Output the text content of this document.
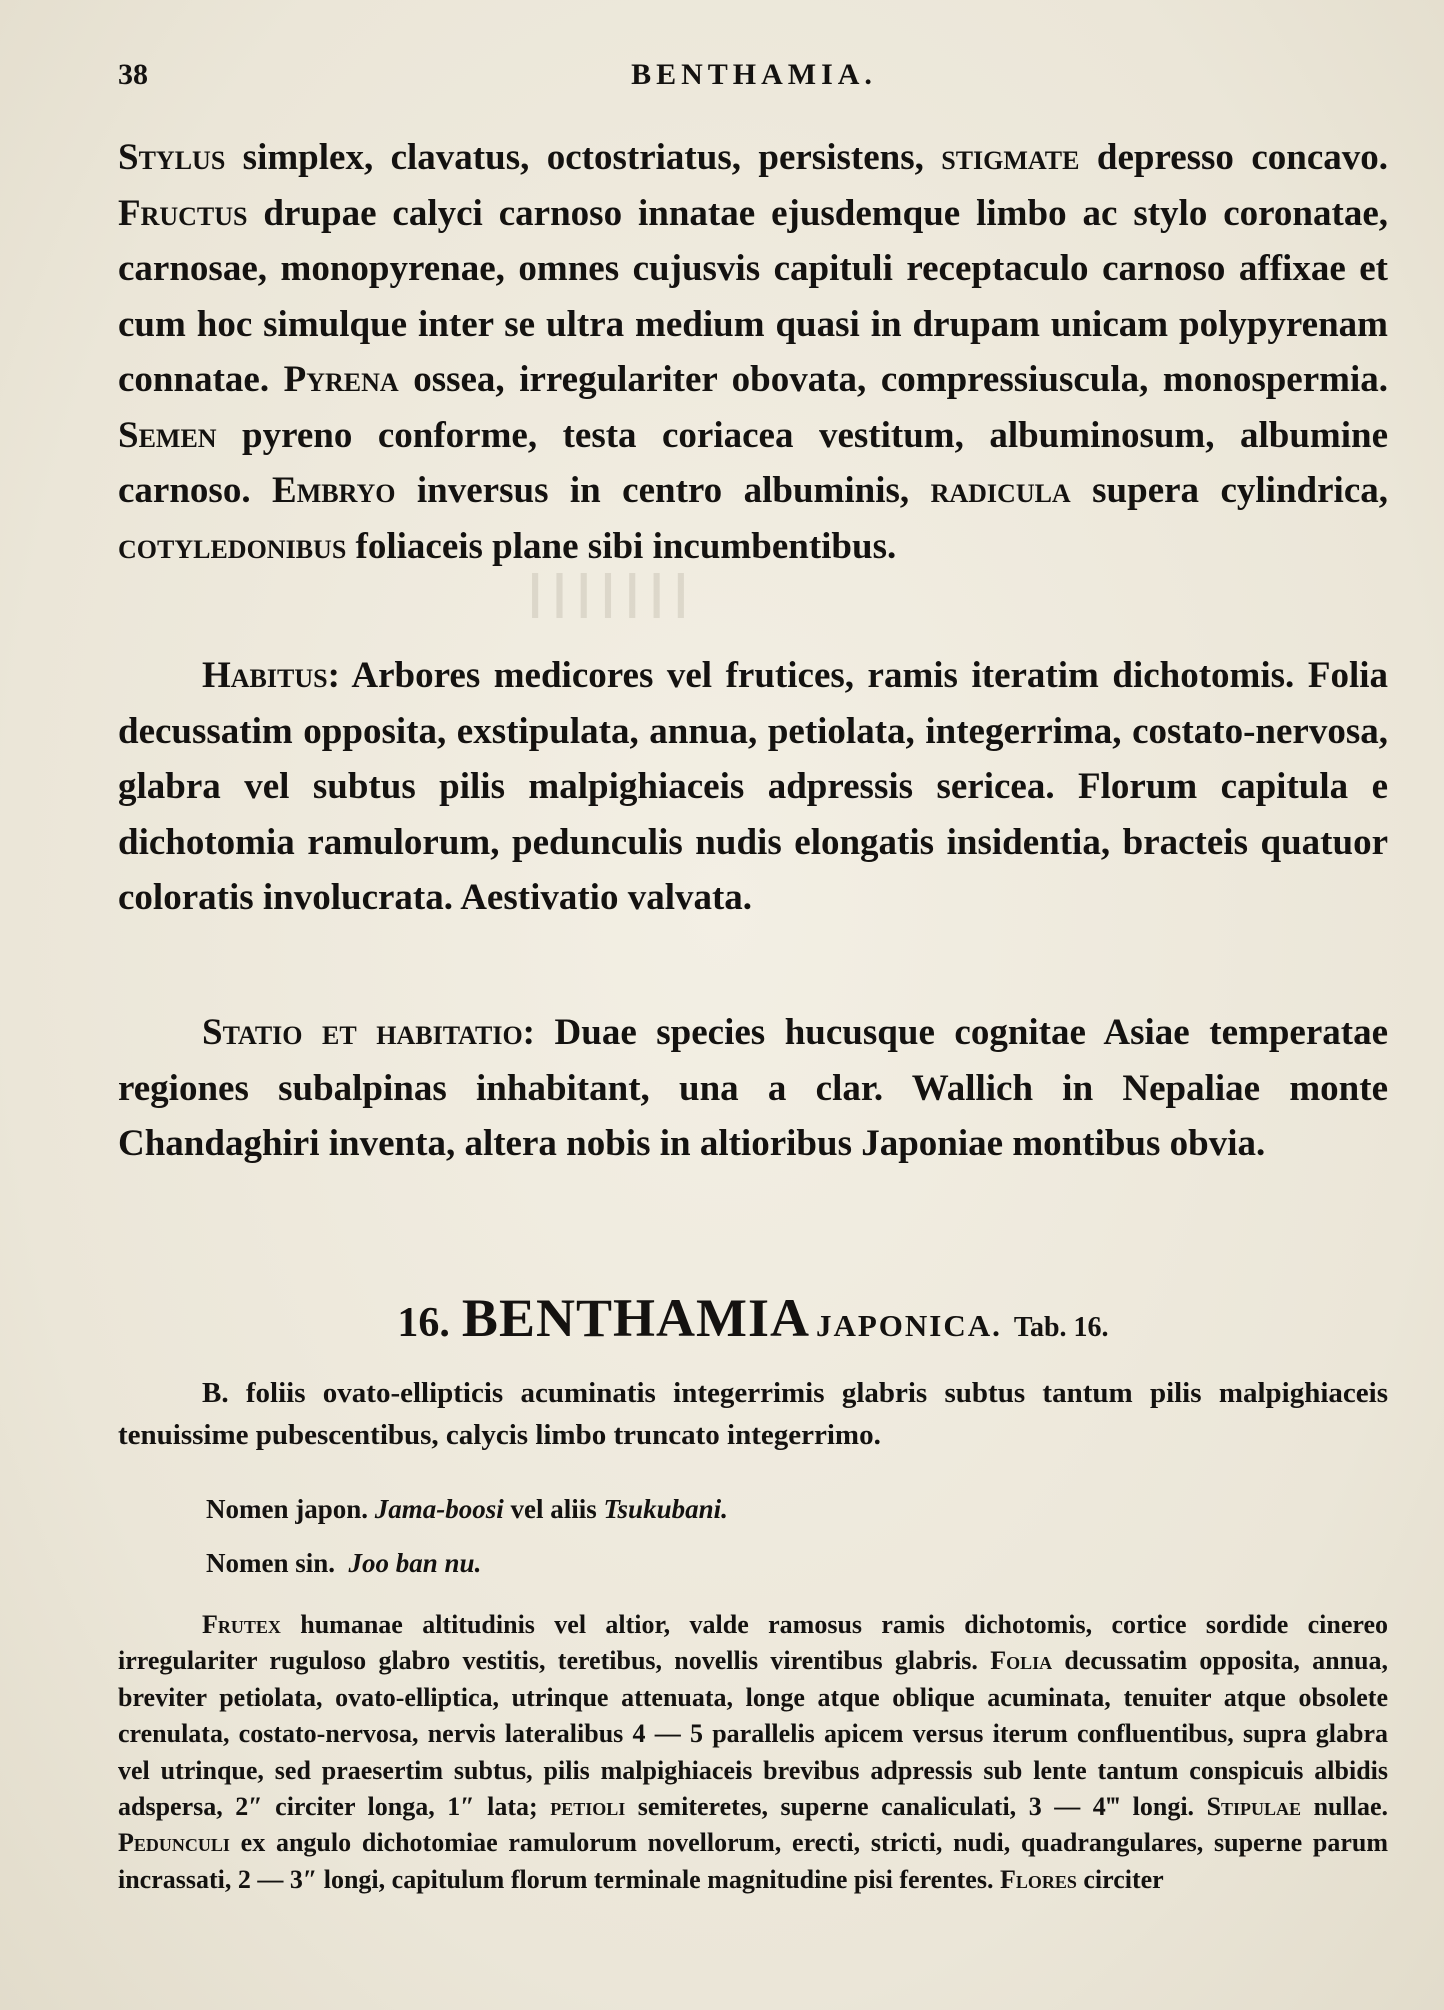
ⅠⅠⅠⅠⅠⅠⅠ
38	BENTHAMIA.

Stylus simplex, clavatus, octostriatus, persistens, stigmate depresso concavo. Fructus drupae calyci carnoso innatae ejusdemque limbo ac stylo coronatae, carnosae, monopyrenae, omnes cujusvis capituli receptaculo carnoso affixae et cum hoc simulque inter se ultra medium quasi in drupam unicam polypyrenam connatae. Pyrena ossea, irregulariter obovata, compressiuscula, monospermia. Semen pyreno conforme, testa coriacea vestitum, albuminosum, albumine carnoso. Embryo inversus in centro albuminis, radicula supera cylindrica, cotyledonibus foliaceis plane sibi incumbentibus.

Habitus: Arbores medicores vel frutices, ramis iteratim dichotomis. Folia decussatim opposita, exstipulata, annua, petiolata, integerrima, costato-nervosa, glabra vel subtus pilis malpighiaceis adpressis sericea. Florum capitula e dichotomia ramulorum, pedunculis nudis elongatis insidentia, bracteis quatuor coloratis involucrata. Aestivatio valvata.

Statio et habitatio: Duae species hucusque cognitae Asiae temperatae regiones subalpinas inhabitant, una a clar. Wallich in Nepaliae monte Chandaghiri inventa, altera nobis in altioribus Japoniae montibus obvia.

16. BENTHAMIA JAPONICA. Tab. 16.

B. foliis ovato-ellipticis acuminatis integerrimis glabris subtus tantum pilis malpighiaceis tenuissime pubescentibus, calycis limbo truncato integerrimo.

Nomen japon. Jama-boosi vel aliis Tsukubani.

Nomen sin. Joo ban nu.

Frutex humanae altitudinis vel altior, valde ramosus ramis dichotomis, cortice sordide cinereo irregulariter ruguloso glabro vestitis, teretibus, novellis virentibus glabris. Folia decussatim opposita, annua, breviter petiolata, ovato-elliptica, utrinque attenuata, longe atque oblique acuminata, tenuiter atque obsolete crenulata, costato-nervosa, nervis lateralibus 4 — 5 parallelis apicem versus iterum confluentibus, supra glabra vel utrinque, sed praesertim subtus, pilis malpighiaceis brevibus adpressis sub lente tantum conspicuis albidis adspersa, 2″ circiter longa, 1″ lata; petioli semiteretes, superne canaliculati, 3 — 4‴ longi. Stipulae nullae. Pedunculi ex angulo dichotomiae ramulorum novellorum, erecti, stricti, nudi, quadrangulares, superne parum incrassati, 2 — 3″ longi, capitulum florum terminale magnitudine pisi ferentes. Flores circiter
